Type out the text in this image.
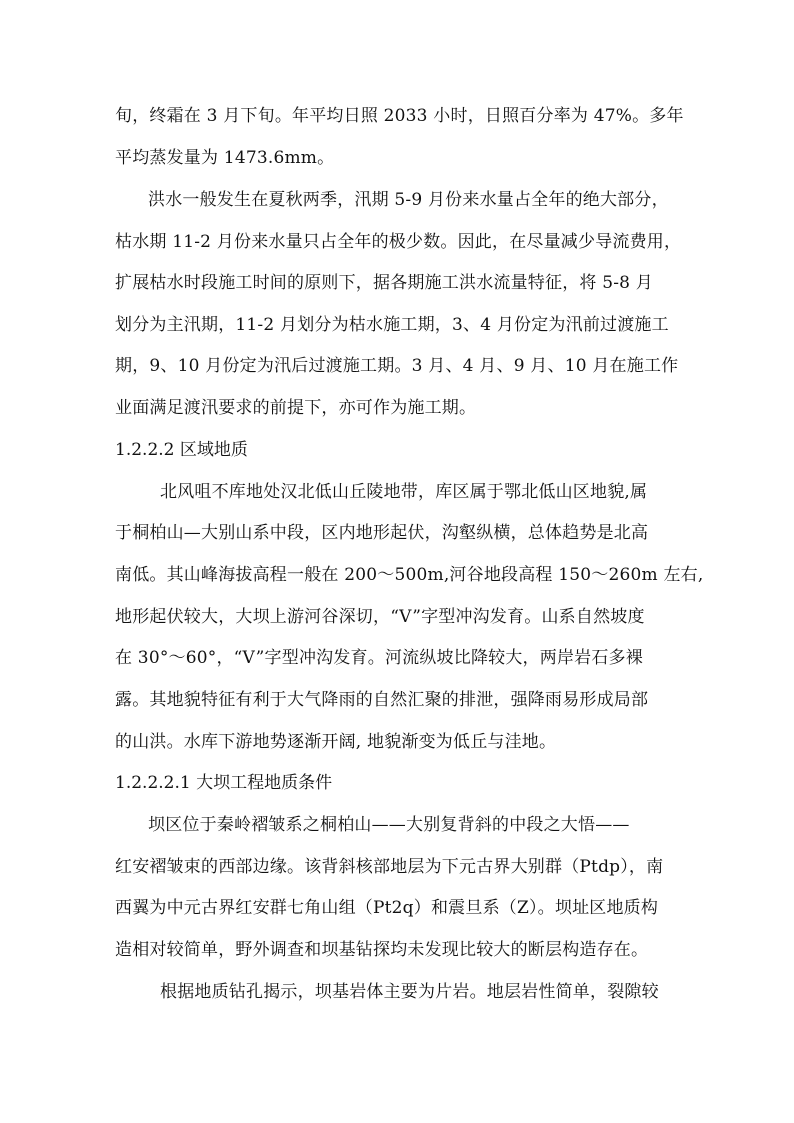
旬，终霜在 3 月下旬。年平均日照 2033 小时，日照百分率为 47%。多年
平均蒸发量为 1473.6mm。
洪水一般发生在夏秋两季，汛期 5-9 月份来水量占全年的绝大部分，
枯水期 11-2 月份来水量只占全年的极少数。因此，在尽量减少导流费用，
扩展枯水时段施工时间的原则下，据各期施工洪水流量特征，将 5-8 月
划分为主汛期，11-2 月划分为枯水施工期，3、4 月份定为汛前过渡施工
期，9、10 月份定为汛后过渡施工期。3 月、4 月、9 月、10 月在施工作
业面满足渡汛要求的前提下，亦可作为施工期。
1.2.2.2 区域地质
北风咀不库地处汉北低山丘陵地带，库区属于鄂北低山区地貌,属
于桐柏山—大别山系中段，区内地形起伏，沟壑纵横，总体趋势是北高
南低。其山峰海拔高程一般在 200～500m,河谷地段高程 150～260m 左右,
地形起伏较大，大坝上游河谷深切，“V”字型冲沟发育。山系自然坡度
在 30°～60°，“V”字型冲沟发育。河流纵坡比降较大，两岸岩石多裸
露。其地貌特征有利于大气降雨的自然汇聚的排泄，强降雨易形成局部
的山洪。水库下游地势逐渐开阔, 地貌渐变为低丘与洼地。
1.2.2.2.1 大坝工程地质条件
坝区位于秦岭褶皱系之桐柏山——大别复背斜的中段之大悟——
红安褶皱束的西部边缘。该背斜核部地层为下元古界大别群（Ptdp），南
西翼为中元古界红安群七角山组（Pt2q）和震旦系（Z）。坝址区地质构
造相对较简单，野外调查和坝基钻探均未发现比较大的断层构造存在。
根据地质钻孔揭示，坝基岩体主要为片岩。地层岩性简单，裂隙较
